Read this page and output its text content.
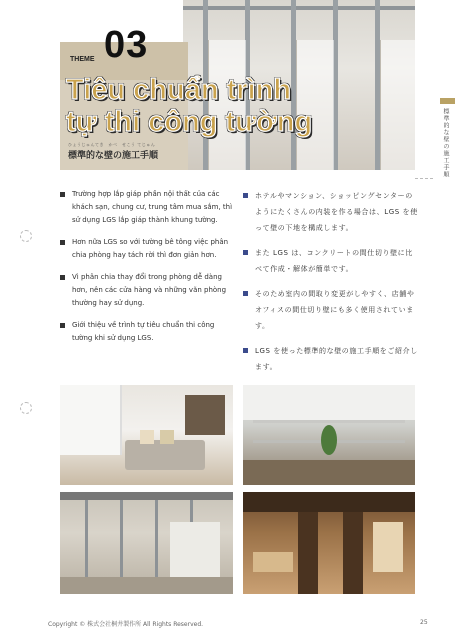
THEME 03
Tiêu chuẩn trình
tự thi công tường
ひょうじゅんてき　かべ　せこう てじゅん
標準的な壁の施工手順	標準的な壁の施工手順
Trường hợp lắp giáp phần nội thất của các khách sạn, chung cư, trung tâm mua sắm, thì sử dụng LGS lắp giáp thành khung tường.
Hơn nữa LGS so với tường bê tông việc phân chia phòng hay tách rời thì đơn giản hơn.
Vì phân chia thay đổi trong phòng dễ dàng hơn, nên các cửa hàng và những văn phòng thường hay sử dụng.
Giới thiệu về trình tự tiêu chuẩn thi công tường khi sử dụng LGS.
ホテルやマンション、ショッピングセンターのようにたくさんの内装を作る場合は、LGS を使って壁の下地を構成します。
また LGS は、コンクリートの間仕切り壁に比べて作成・解体が簡単です。
そのため室内の間取り変更がしやすく、店舗やオフィスの間仕切り壁にも多く使用されています。
LGS を使った標準的な壁の施工手順をご紹介します。
Copyright © 株式会社桐井製作所 All Rights Reserved.	25
